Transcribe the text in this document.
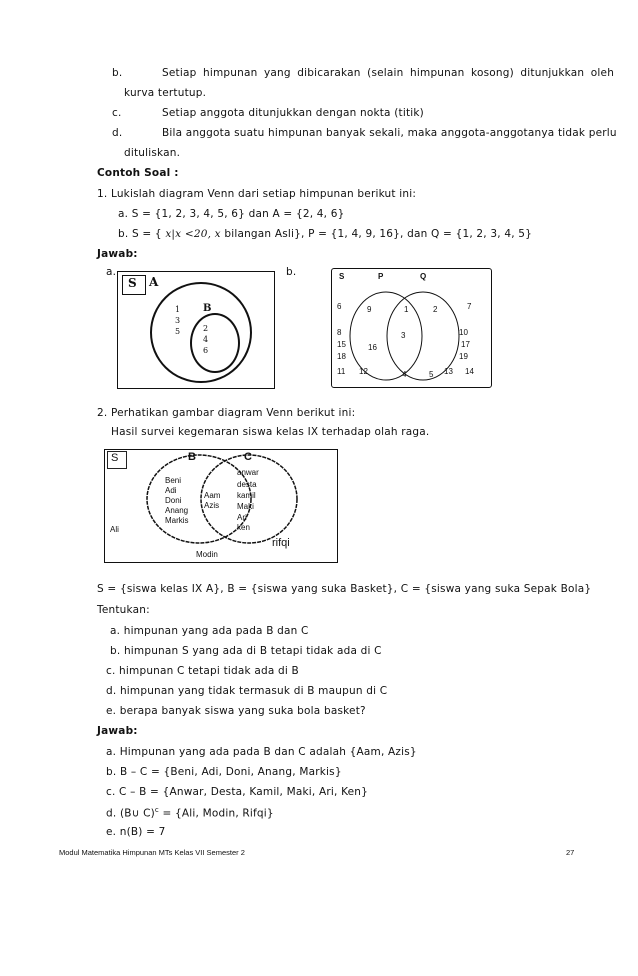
b.	Setiap himpunan yang dibicarakan (selain himpunan kosong) ditunjukkan oleh
kurva tertutup.
c.	Setiap anggota ditunjukkan dengan nokta (titik)
d.	Bila anggota suatu himpunan banyak sekali, maka anggota-anggotanya tidak perlu
dituliskan.
Contoh Soal :
1. Lukislah diagram Venn dari setiap himpunan berikut ini:
a. S = {1, 2, 3, 4, 5, 6} dan A = {2, 4, 6}
b. S = { x|x <20, x bilangan Asli}, P = {1, 4, 9, 16}, dan Q = {1, 2, 3, 4, 5}
Jawab:
a.	b.
S A
B
1
3
5	2
4
6
S	P	Q
6	9	1	2	7
8	3	10
15	16	17
18	19
11 12	4	5 13 14
2. Perhatikan gambar diagram Venn berikut ini:
Hasil survei kegemaran siswa kelas IX terhadap olah raga.
S	B	C
Beni
Adi
Doni
Anang
Markis
Aam
Azis
anwar
desta
kamil
Maki
Ari
ken
Ali
Modin
rifqi
S = {siswa kelas IX A}, B = {siswa yang suka Basket}, C = {siswa yang suka Sepak Bola}
Tentukan:
a. himpunan yang ada pada B dan C
b. himpunan S yang ada di B tetapi tidak ada di C
c. himpunan C tetapi tidak ada di B
d. himpunan yang tidak termasuk di B maupun di C
e. berapa banyak siswa yang suka bola basket?
Jawab:
a. Himpunan yang ada pada B dan C adalah {Aam, Azis}
b. B – C = {Beni, Adi, Doni, Anang, Markis}
c. C – B = {Anwar, Desta, Kamil, Maki, Ari, Ken}
d. (B∪ C)$^c$ = {Ali, Modin, Rifqi}
e. n(B) = 7
Modul Matematika Himpunan MTs Kelas VII Semester 2	27
